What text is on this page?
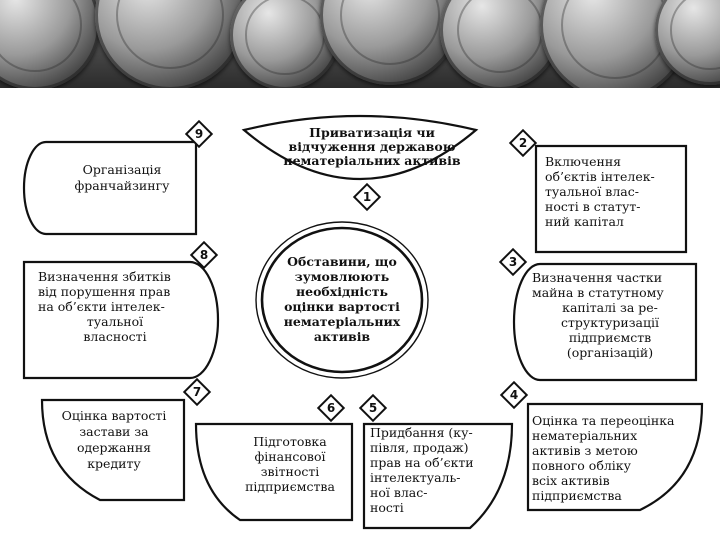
Приватизація чи
відчуження державою
нематеріальних активів
1
Організація
франчайзингу
9
Включення
об’єктів інтелек-
туальної влас-
ності в статут-
ний капітал
2
Обставини, що
зумовлюють
необхідність
оцінки вартості
нематеріальних
активів
Визначення збитків
від порушення прав
на об’єкти інтелек-
туальної
власності
8
Визначення частки
майна в статутному
капіталі за ре-
структуризації
підприємств
(організацій)
3
Оцінка вартості
застави за
одержання
кредиту
7
Підготовка
фінансової
звітності
підприємства
6
Придбання (ку-
півля, продаж)
прав на об’єкти
інтелектуаль-
ної влас-
ності
5
Оцінка та переоцінка
нематеріальних
активів з метою
повного обліку
всіх активів
підприємства
4
